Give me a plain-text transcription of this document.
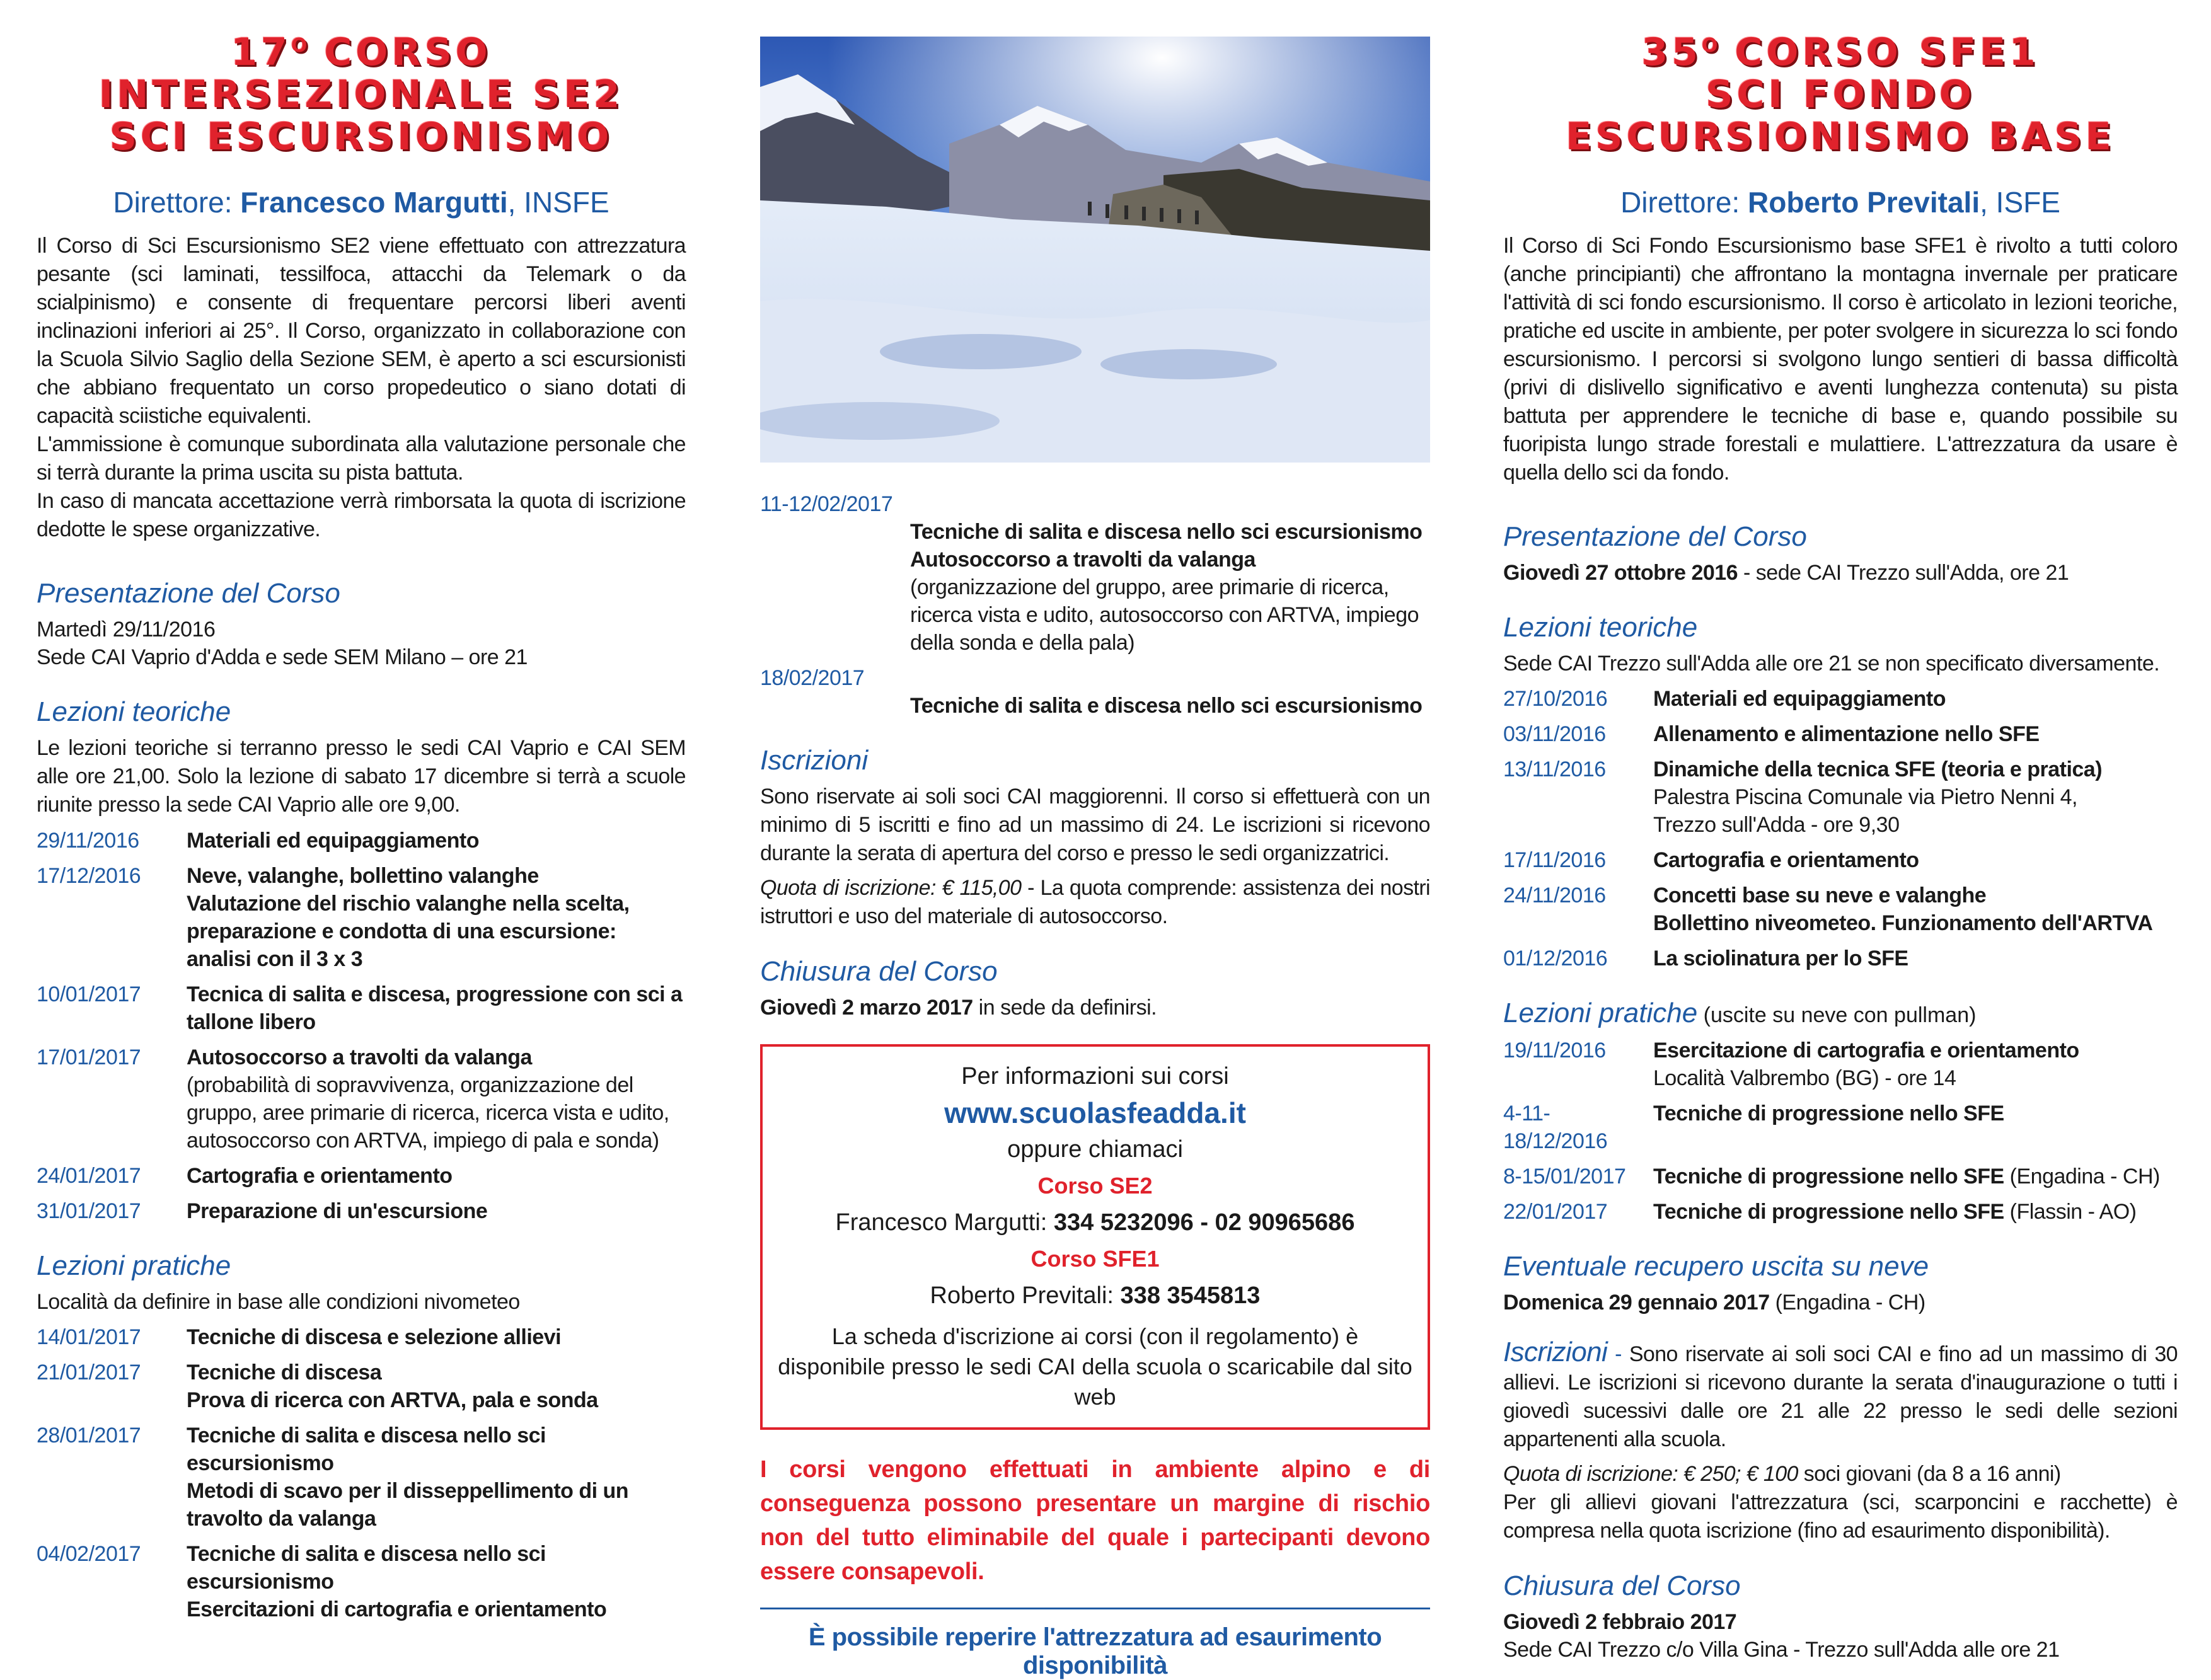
$17^O$ CORSO INTERSEZIONALE SE2
SCI ESCURSIONISMO
Direttore: Francesco Margutti, INSFE

Il Corso di Sci Escursionismo SE2 viene effettuato con attrezzatura pesante (sci laminati, tessilfoca, attacchi da Telemark o da scialpinismo) e consente di frequentare percorsi liberi aventi inclinazioni inferiori ai 25°. Il Corso, organizzato in collaborazione con la Scuola Silvio Saglio della Sezione SEM, è aperto a sci escursionisti che abbiano frequentato un corso propedeutico o siano dotati di capacità sciistiche equivalenti.

L'ammissione è comunque subordinata alla valutazione personale che si terrà durante la prima uscita su pista battuta.

In caso di mancata accettazione verrà rimborsata la quota di iscrizione dedotte le spese organizzative.

Presentazione del Corso
Martedì 29/11/2016
Sede CAI Vaprio d'Adda e sede SEM Milano – ore 21
Lezioni teoriche

Le lezioni teoriche si terranno presso le sedi CAI Vaprio e CAI SEM alle ore 21,00. Solo la lezione di sabato 17 dicembre si terrà a scuole riunite presso la sede CAI Vaprio alle ore 9,00.

29/11/2016	Materiali ed equipaggiamento
17/12/2016	Neve, valanghe, bollettino valanghe
Valutazione del rischio valanghe nella scelta, preparazione e condotta di una escursione: analisi con il 3 x 3
10/01/2017	Tecnica di salita e discesa, progressione con sci a tallone libero
17/01/2017	Autosoccorso a travolti da valanga
(probabilità di sopravvivenza, organizzazione del gruppo, aree primarie di ricerca, ricerca vista e udito, autosoccorso con ARTVA, impiego di pala e sonda)
24/01/2017	Cartografia e orientamento
31/01/2017	Preparazione di un'escursione
Lezioni pratiche
Località da definire in base alle condizioni nivometeo
14/01/2017	Tecniche di discesa e selezione allievi
21/01/2017	Tecniche di discesa
Prova di ricerca con ARTVA, pala e sonda
28/01/2017	Tecniche di salita e discesa nello sci escursionismo
Metodi di scavo per il disseppellimento di un travolto da valanga
04/02/2017	Tecniche di salita e discesa nello sci escursionismo
Esercitazioni di cartografia e orientamento
11-12/02/2017
Tecniche di salita e discesa nello sci escursionismo
Autosoccorso a travolti da valanga
(organizzazione del gruppo, aree primarie di ricerca, ricerca vista e udito, autosoccorso con ARTVA, impiego della sonda e della pala)
18/02/2017
Tecniche di salita e discesa nello sci escursionismo
Iscrizioni

Sono riservate ai soli soci CAI maggiorenni. Il corso si effettuerà con un minimo di 5 iscritti e fino ad un massimo di 24. Le iscrizioni si ricevono durante la serata di apertura del corso e presso le sedi organizzatrici.

Quota di iscrizione: € 115,00 - La quota comprende: assistenza dei nostri istruttori e uso del materiale di autosoccorso.

Chiusura del Corso
Giovedì 2 marzo 2017 in sede da definirsi.
Per informazioni sui corsi
www.scuolasfeadda.it
oppure chiamaci
Corso SE2
Francesco Margutti: 334 5232096 - 02 90965686
Corso SFE1
Roberto Previtali: 338 3545813
La scheda d'iscrizione ai corsi (con il regolamento) è disponibile presso le sedi CAI della scuola o scaricabile dal sito web
I corsi vengono effettuati in ambiente alpino e di conseguenza possono presentare un margine di rischio non del tutto eliminabile del quale i partecipanti devono essere consapevoli.
È possibile reperire l'attrezzatura ad esaurimento disponibilità
$35^O$ CORSO SFE1
SCI FONDO ESCURSIONISMO BASE
Direttore: Roberto Previtali, ISFE

Il Corso di Sci Fondo Escursionismo base SFE1 è rivolto a tutti coloro (anche principianti) che affrontano la montagna invernale per praticare l'attività di sci fondo escursionismo. Il corso è articolato in lezioni teoriche, pratiche ed uscite in ambiente, per poter svolgere in sicurezza lo sci fondo escursionismo. I percorsi si svolgono lungo sentieri di bassa difficoltà (privi di dislivello significativo e aventi lunghezza contenuta) su pista battuta per apprendere le tecniche di base e, quando possibile su fuoripista lungo strade forestali e mulattiere. L'attrezzatura da usare è quella dello sci da fondo.

Presentazione del Corso
Giovedì 27 ottobre 2016 - sede CAI Trezzo sull'Adda, ore 21
Lezioni teoriche
Sede CAI Trezzo sull'Adda alle ore 21 se non specificato diversamente.
27/10/2016	Materiali ed equipaggiamento
03/11/2016	Allenamento e alimentazione nello SFE
13/11/2016	Dinamiche della tecnica SFE (teoria e pratica)
Palestra Piscina Comunale via Pietro Nenni 4,
Trezzo sull'Adda - ore 9,30
17/11/2016	Cartografia e orientamento
24/11/2016	Concetti base su neve e valanghe
Bollettino niveometeo. Funzionamento dell'ARTVA
01/12/2016	La sciolinatura per lo SFE
Lezioni pratiche (uscite su neve con pullman)
19/11/2016	Esercitazione di cartografia e orientamento
Località Valbrembo (BG) - ore 14
4-11-18/12/2016
Tecniche di progressione nello SFE
8-15/01/2017	Tecniche di progressione nello SFE (Engadina - CH)
22/01/2017	Tecniche di progressione nello SFE (Flassin - AO)
Eventuale recupero uscita su neve
Domenica 29 gennaio 2017 (Engadina - CH)

Iscrizioni - Sono riservate ai soli soci CAI e fino ad un massimo di 30 allievi. Le iscrizioni si ricevono durante la serata d'inaugurazione o tutti i giovedì sucessivi dalle ore 21 alle 22 presso le sedi delle sezioni appartenenti alla scuola.

Quota di iscrizione: € 250; € 100 soci giovani (da 8 a 16 anni)

Per gli allievi giovani l'attrezzatura (sci, scarponcini e racchette) è compresa nella quota iscrizione (fino ad esaurimento disponibilità).

Chiusura del Corso
Giovedì 2 febbraio 2017
Sede CAI Trezzo c/o Villa Gina - Trezzo sull'Adda alle ore 21
